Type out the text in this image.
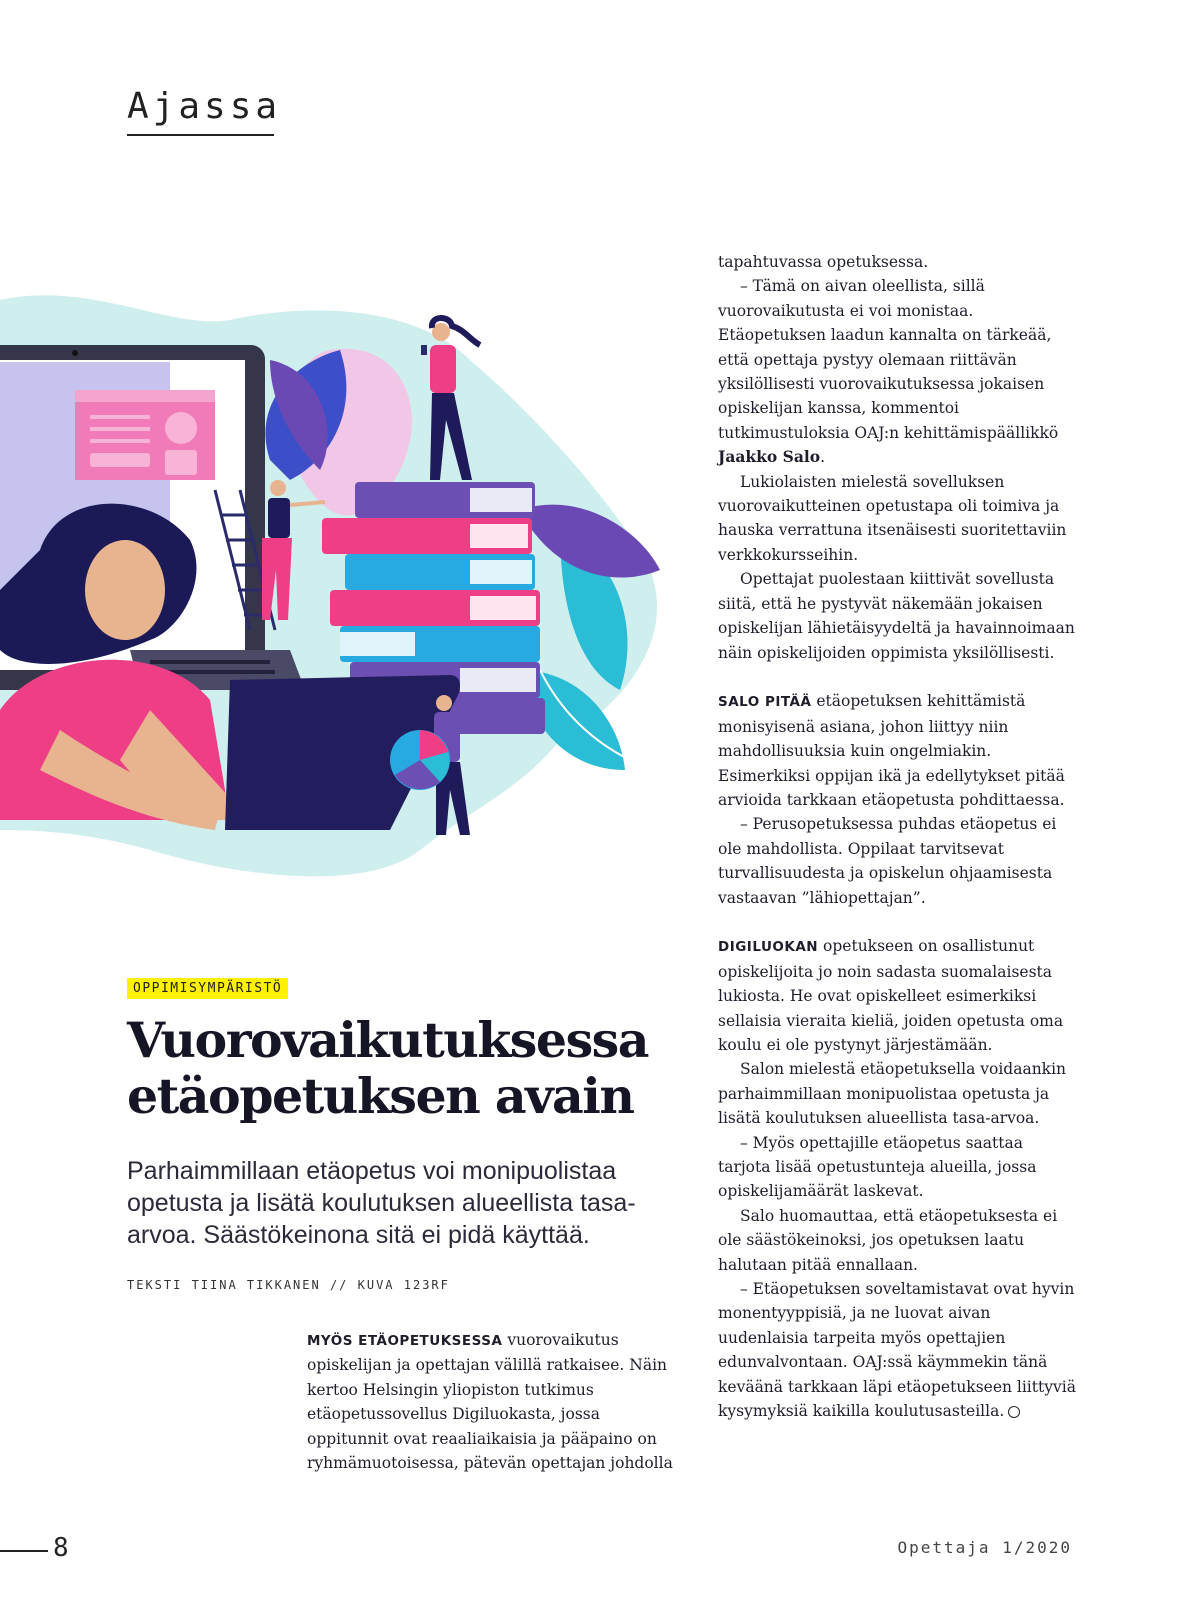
Ajassa
OPPIMISYMPÄRISTÖ
Vuorovaikutuksessa
etäopetuksen avain

Parhaimmillaan etäopetus voi monipuolistaa opetusta ja lisätä koulutuksen alueellista tasa-arvoa. Säästökeinona sitä ei pidä käyttää.

TEKSTI TIINA TIKKANEN // KUVA 123RF

MYÖS ETÄOPETUKSESSA vuorovaikutus opiskelijan ja opettajan välillä ratkaisee. Näin kertoo Helsingin yliopiston tutkimus etäopetussovellus Digiluokasta, jossa oppitunnit ovat reaaliaikaisia ja pääpaino on ryhmämuotoisessa, pätevän opettajan johdolla

tapahtuvassa opetuksessa.

– Tämä on aivan oleellista, sillä vuorovaikutusta ei voi monistaa. Etäopetuksen laadun kannalta on tärkeää, että opettaja pystyy olemaan riittävän yksilöllisesti vuorovaikutuksessa jokaisen opiskelijan kanssa, kommentoi tutkimustuloksia OAJ:n kehittämispäällikkö Jaakko Salo.

Lukiolaisten mielestä sovelluksen vuorovaikutteinen opetustapa oli toimiva ja hauska verrattuna itsenäisesti suoritettaviin verkkokursseihin.

Opettajat puolestaan kiittivät sovellusta siitä, että he pystyvät näkemään jokaisen opiskelijan lähietäisyydeltä ja havainnoimaan näin opiskelijoiden oppimista yksilöllisesti.

SALO PITÄÄ etäopetuksen kehittämistä monisyisenä asiana, johon liittyy niin mahdollisuuksia kuin ongelmiakin. Esimerkiksi oppijan ikä ja edellytykset pitää arvioida tarkkaan etäopetusta pohdittaessa.

– Perusopetuksessa puhdas etäopetus ei ole mahdollista. Oppilaat tarvitsevat turvallisuudesta ja opiskelun ohjaamisesta vastaavan ”lähiopettajan”.

DIGILUOKAN opetukseen on osallistunut opiskelijoita jo noin sadasta suomalaisesta lukiosta. He ovat opiskelleet esimerkiksi sellaisia vieraita kieliä, joiden opetusta oma koulu ei ole pystynyt järjestämään.

Salon mielestä etäopetuksella voidaankin parhaimmillaan monipuolistaa opetusta ja lisätä koulutuksen alueellista tasa-arvoa.

– Myös opettajille etäopetus saattaa tarjota lisää opetustunteja alueilla, jossa opiskelijamäärät laskevat.

Salo huomauttaa, että etäopetuksesta ei ole säästökeinoksi, jos opetuksen laatu halutaan pitää ennallaan.

– Etäopetuksen soveltamistavat ovat hyvin monentyyppisiä, ja ne luovat aivan uudenlaisia tarpeita myös opettajien edunvalvontaan. OAJ:ssä käymmekin tänä keväänä tarkkaan läpi etäopetukseen liittyviä kysymyksiä kaikilla koulutusasteilla.

8	Opettaja 1/2020
